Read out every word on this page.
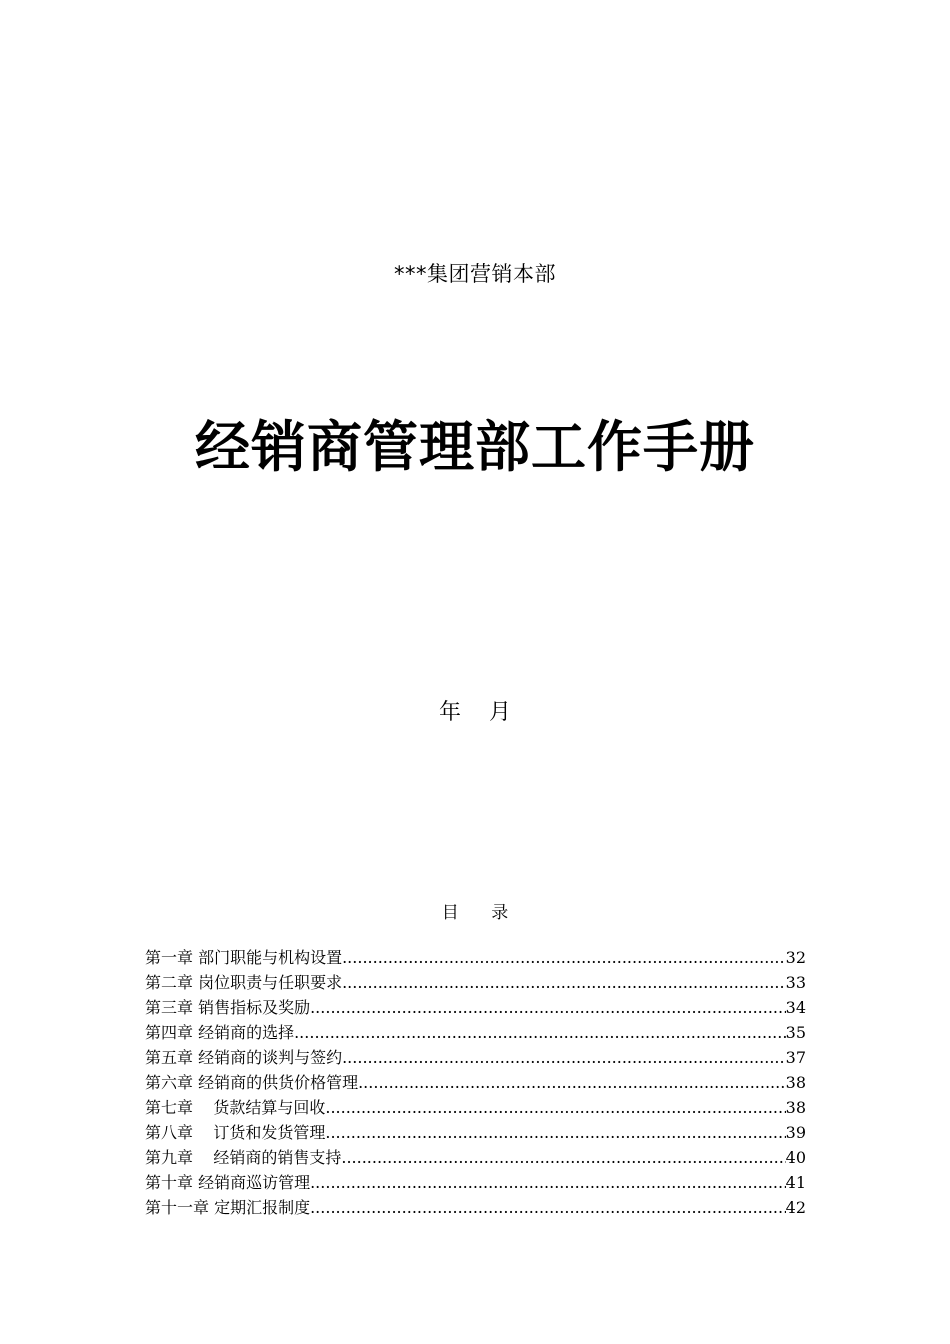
***集团营销本部
经销商管理部工作手册
年    月
目      录
第一章 部门职能与机构设置 .....	32
第二章 岗位职责与任职要求 .....	33
第三章 销售指标及奖励 .....	34
第四章 经销商的选择 .....	35
第五章 经销商的谈判与签约 .....	37
第六章 经销商的供货价格管理 .....	38
第七章    货款结算与回收 .....	38
第八章    订货和发货管理 .....	39
第九章    经销商的销售支持 .....	40
第十章 经销商巡访管理 .....	41
第十一章 定期汇报制度 .....	42
